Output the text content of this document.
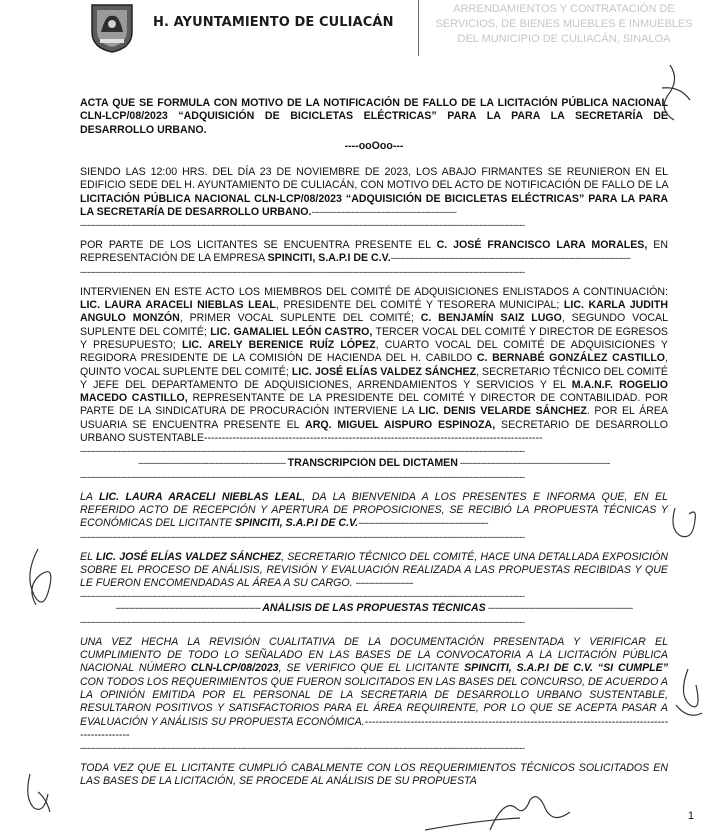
H. AYUNTAMIENTO DE CULIACÁN
ARRENDAMIENTOS Y CONTRATACIÓN DE
SERVICIOS, DE BIENES MUEBLES E INMUEBLES
DEL MUNICIPIO DE CULIACÁN, SINALOA

ACTA QUE SE FORMULA CON MOTIVO DE LA NOTIFICACIÓN DE FALLO DE LA LICITACIÓN PÚBLICA NACIONAL CLN-LCP/08/2023 “ADQUISICIÓN DE BICICLETAS ELÉCTRICAS” PARA LA PARA LA SECRETARÍA DE DESARROLLO URBANO.

----ooOoo---

SIENDO LAS 12:00 HRS. DEL DÍA 23 DE NOVIEMBRE DE 2023, LOS ABAJO FIRMANTES SE REUNIERON EN EL EDIFICIO SEDE DEL H. AYUNTAMIENTO DE CULIACÁN, CON MOTIVO DEL ACTO DE NOTIFICACIÓN DE FALLO DE LA LICITACIÓN PÚBLICA NACIONAL CLN-LCP/08/2023 “ADQUISICIÓN DE BICICLETAS ELÉCTRICAS” PARA LA PARA LA SECRETARÍA DE DESARROLLO URBANO.----------------------------------------------------------

----------------------------------------------------------------------------------------------------------------------------------------------------------------------------------

POR PARTE DE LOS LICITANTES SE ENCUENTRA PRESENTE EL C. JOSÉ FRANCISCO LARA MORALES, EN REPRESENTACIÓN DE LA EMPRESA SPINCITI, S.A.P.I DE C.V.------------------------------------------------------------------------------------------------

----------------------------------------------------------------------------------------------------------------------------------------------------------------------------------

INTERVIENEN EN ESTE ACTO LOS MIEMBROS DEL COMITÉ DE ADQUISICIONES ENLISTADOS A CONTINUACIÓN: LIC. LAURA ARACELI NIEBLAS LEAL, PRESIDENTE DEL COMITÉ Y TESORERA MUNICIPAL; LIC. KARLA JUDITH ANGULO MONZÓN, PRIMER VOCAL SUPLENTE DEL COMITÉ; C. BENJAMÍN SAIZ LUGO, SEGUNDO VOCAL SUPLENTE DEL COMITÉ; LIC. GAMALIEL LEÓN CASTRO, TERCER VOCAL DEL COMITÉ Y DIRECTOR DE EGRESOS Y PRESUPUESTO; LIC. ARELY BERENICE RUÍZ LÓPEZ, CUARTO VOCAL DEL COMITÉ DE ADQUISICIONES Y REGIDORA PRESIDENTE DE LA COMISIÓN DE HACIENDA DEL H. CABILDO C. BERNABÉ GONZÁLEZ CASTILLO, QUINTO VOCAL SUPLENTE DEL COMITÉ; LIC. JOSÉ ELÍAS VALDEZ SÁNCHEZ, SECRETARIO TÉCNICO DEL COMITÉ Y JEFE DEL DEPARTAMENTO DE ADQUISICIONES, ARRENDAMIENTOS Y SERVICIOS Y EL M.A.N.F. ROGELIO MACEDO CASTILLO, REPRESENTANTE DE LA PRESIDENTE DEL COMITÉ Y DIRECTOR DE CONTABILIDAD. POR PARTE DE LA SINDICATURA DE PROCURACIÓN INTERVIENE LA LIC. DENIS VELARDE SÁNCHEZ. POR EL ÁREA USUARIA SE ENCUENTRA PRESENTE EL ARQ. MIGUEL AISPURO ESPINOZA, SECRETARIO DE DESARROLLO URBANO SUSTENTABLE------------------------------------------------------------------------------------------------

----------------------------------------------------------------------------------------------------------------------------------------------------------------------------------
----------------------------------------------------------- TRANSCRIPCIÓN DEL DICTAMEN ------------------------------------------------------------
----------------------------------------------------------------------------------------------------------------------------------------------------------------------------------

LA LIC. LAURA ARACELI NIEBLAS LEAL, DA LA BIENVENIDA A LOS PRESENTES E INFORMA QUE, EN EL REFERIDO ACTO DE RECEPCIÓN Y APERTURA DE PROPOSICIONES, SE RECIBIÓ LA PROPUESTA TÉCNICAS Y ECONÓMICAS DEL LICITANTE SPINCITI, S.A.P.I DE C.V.----------------------------------------------------

----------------------------------------------------------------------------------------------------------------------------------------------------------------------------------

EL LIC. JOSÉ ELÍAS VALDEZ SÁNCHEZ, SECRETARIO TÉCNICO DEL COMITÉ, HACE UNA DETALLADA EXPOSICIÓN SOBRE EL PROCESO DE ANÁLISIS, REVISIÓN Y EVALUACIÓN REALIZADA A LAS PROPUESTAS RECIBIDAS Y QUE LE FUERON ENCOMENDADAS AL ÁREA A SU CARGO. -----------------------

----------------------------------------------------------------------------------------------------------------------------------------------------------------------------------
---------------------------------------------------------- ANÁLISIS DE LAS PROPUESTAS TÉCNICAS ----------------------------------------------------------
----------------------------------------------------------------------------------------------------------------------------------------------------------------------------------

UNA VEZ HECHA LA REVISIÓN CUALITATIVA DE LA DOCUMENTACIÓN PRESENTADA Y VERIFICAR EL CUMPLIMIENTO DE TODO LO SEÑALADO EN LAS BASES DE LA CONVOCATORIA A LA LICITACIÓN PÚBLICA NACIONAL NÚMERO CLN-LCP/08/2023, SE VERIFICO QUE EL LICITANTE SPINCITI, S.A.P.I DE C.V. “SI CUMPLE” CON TODOS LOS REQUERIMIENTOS QUE FUERON SOLICITADOS EN LAS BASES DEL CONCURSO, DE ACUERDO A LA OPINIÓN EMITIDA POR EL PERSONAL DE LA SECRETARIA DE DESARROLLO URBANO SUSTENTABLE, RESULTARON POSITIVOS Y SATISFACTORIOS PARA EL ÁREA REQUIRENTE, POR LO QUE SE ACEPTA PASAR A EVALUACIÓN Y ANÁLISIS SU PROPUESTA ECONÓMICA.----------------------------------------------------------------------------------------------------

----------------------------------------------------------------------------------------------------------------------------------------------------------------------------------

TODA VEZ QUE EL LICITANTE CUMPLIÓ CABALMENTE CON LOS REQUERIMIENTOS TÉCNICOS SOLICITADOS EN LAS BASES DE LA LICITACIÓN, SE PROCEDE AL ANÁLISIS DE SU PROPUESTA

1
